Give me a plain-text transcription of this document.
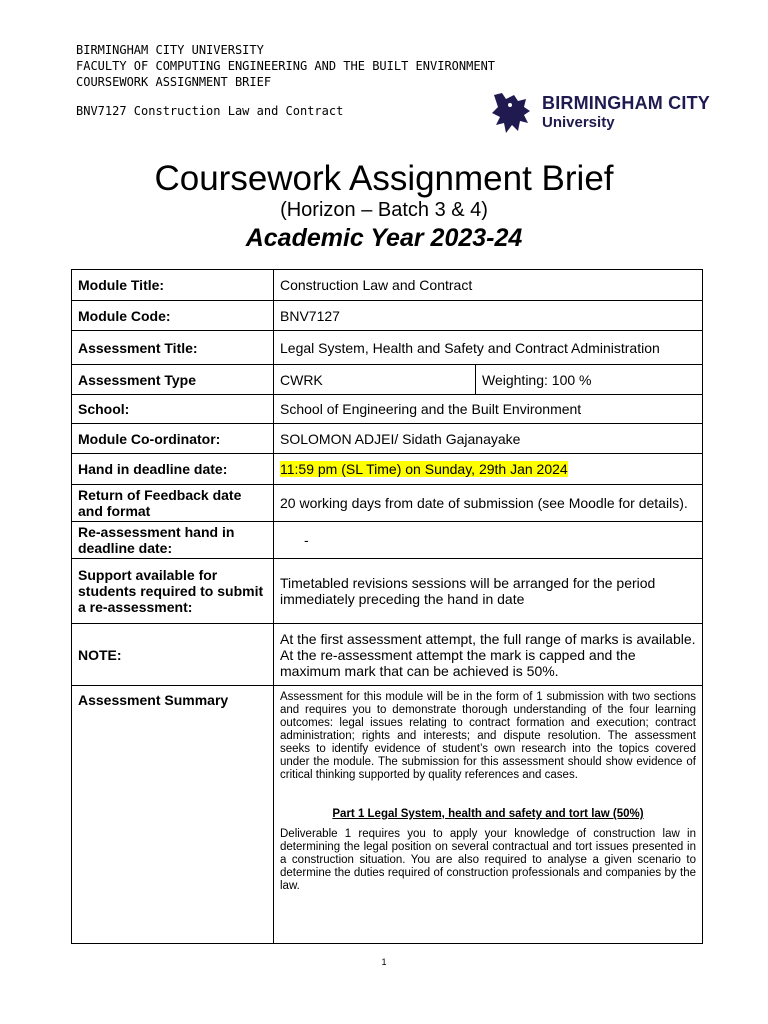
BIRMINGHAM CITY UNIVERSITY
FACULTY OF COMPUTING ENGINEERING AND THE BUILT ENVIRONMENT
COURSEWORK ASSIGNMENT BRIEF
BNV7127 Construction Law and Contract	BIRMINGHAM CITY
University
Coursework Assignment Brief
(Horizon – Batch 3 & 4)
Academic Year 2023-24
Module Title:	Construction Law and Contract	
Module Code:	BNV7127	
Assessment Title:	Legal System, Health and Safety and Contract Administration	
Assessment Type	CWRK	Weighting: 100 %
School:	School of Engineering and the Built Environment	
Module Co-ordinator:	SOLOMON ADJEI/ Sidath Gajanayake	
Hand in deadline date:	11:59 pm (SL Time) on Sunday, 29th Jan 2024	
Return of Feedback date and format	20 working days from date of submission (see Moodle for details).	
Re-assessment hand in deadline date:	-	
Support available for students required to submit a re-assessment:	Timetabled revisions sessions will be arranged for the period immediately preceding the hand in date	
NOTE:	At the first assessment attempt, the full range of marks is available. At the re-assessment attempt the mark is capped and the maximum mark that can be achieved is 50%.	
Assessment Summary	Assessment for this module will be in the form of 1 submission with two sections and requires you to demonstrate thorough understanding of the four learning outcomes: legal issues relating to contract formation and execution; contract administration; rights and interests; and dispute resolution. The assessment seeks to identify evidence of student’s own research into the topics covered under the module. The submission for this assessment should show evidence of critical thinking supported by quality references and cases.
Part 1 Legal System, health and safety and tort law (50%)
Deliverable 1 requires you to apply your knowledge of construction law in determining the legal position on several contractual and tort issues presented in a construction situation. You are also required to analyse a given scenario to determine the duties required of construction professionals and companies by the law.	
1
